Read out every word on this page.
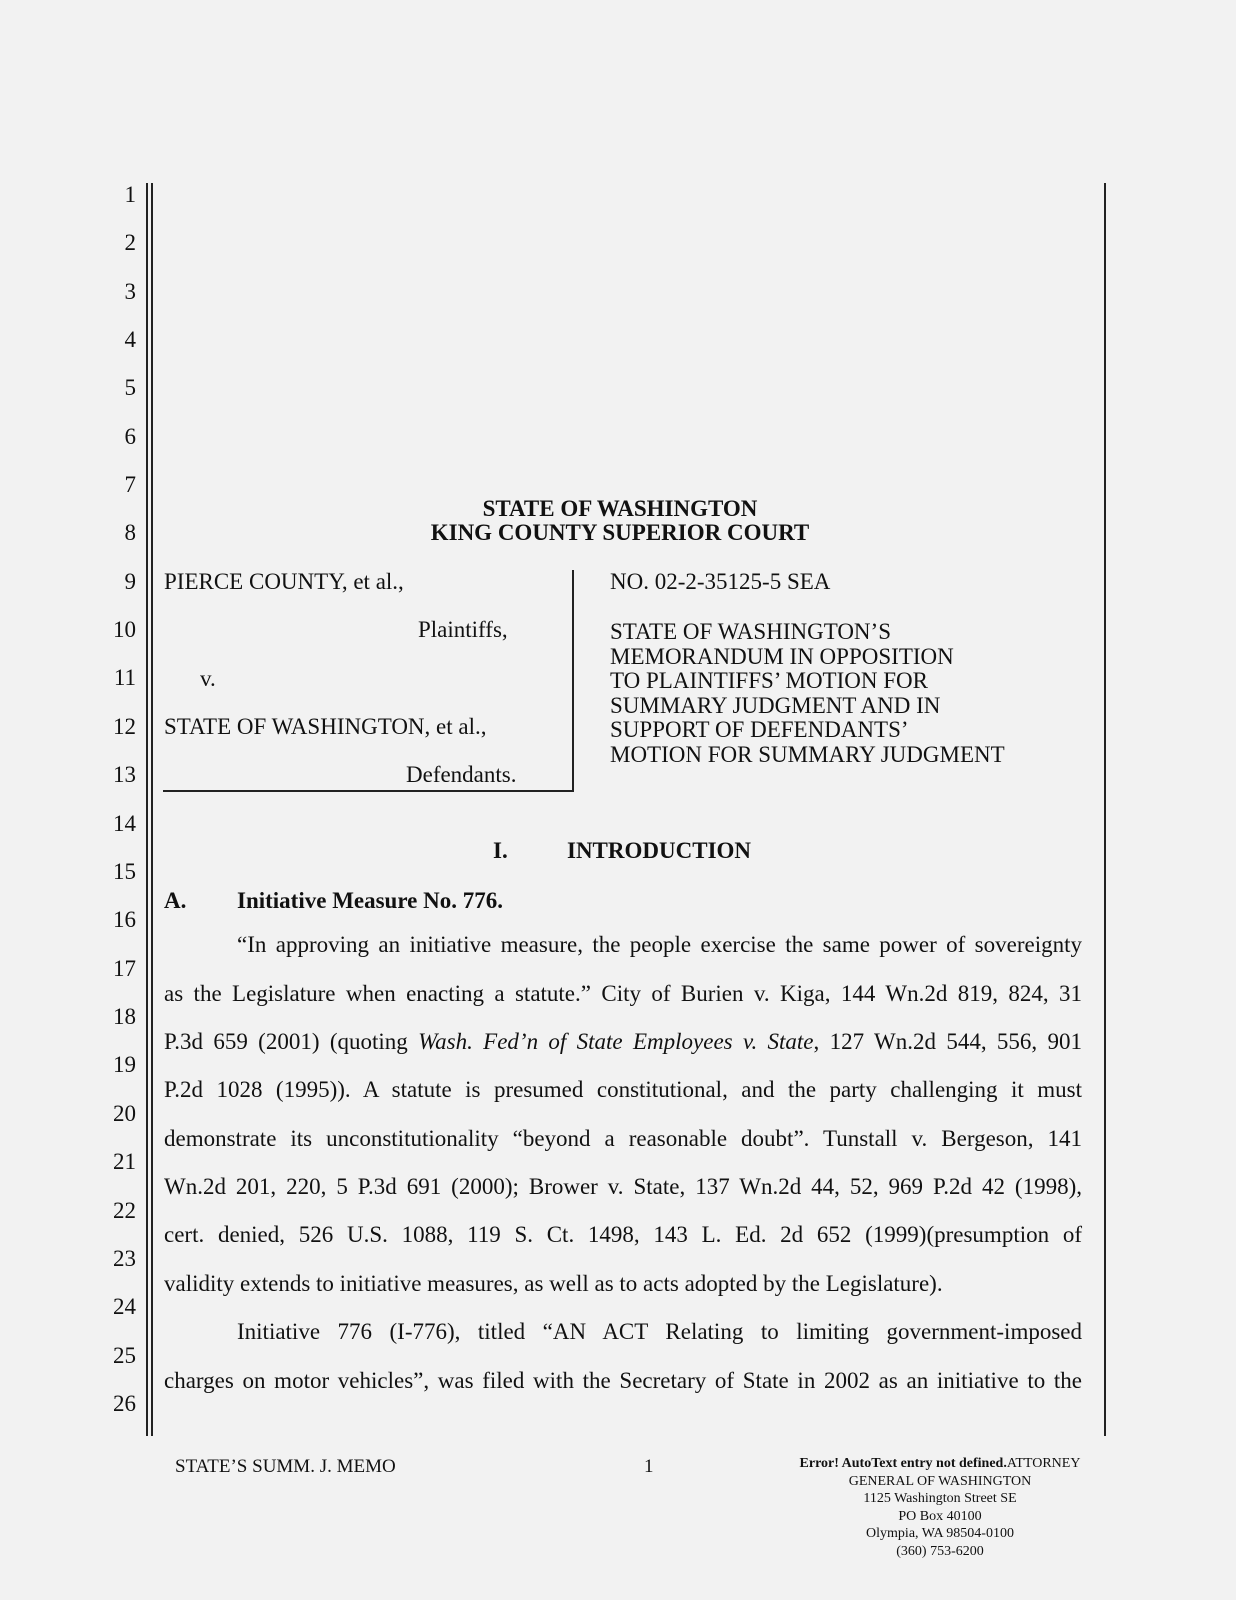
1
2
3
4
5
6
7
8
9
10
11
12
13
14
15
16
17
18
19
20
21
22
23
24
25
26
STATE OF WASHINGTON
KING COUNTY SUPERIOR COURT
PIERCE COUNTY, et al.,
Plaintiffs,
v.
STATE OF WASHINGTON, et al.,
Defendants.
NO. 02-2-35125-5 SEA
STATE OF WASHINGTON’S
MEMORANDUM IN OPPOSITION
TO PLAINTIFFS’ MOTION FOR
SUMMARY JUDGMENT AND IN
SUPPORT OF DEFENDANTS’
MOTION FOR SUMMARY JUDGMENT
I.	INTRODUCTION
A. Initiative Measure No. 776.
“In approving an initiative measure, the people exercise the same power of sovereignty
as the Legislature when enacting a statute.” City of Burien v. Kiga, 144 Wn.2d 819, 824, 31
P.3d 659 (2001) (quoting Wash. Fed’n of State Employees v. State, 127 Wn.2d 544, 556, 901
P.2d 1028 (1995)). A statute is presumed constitutional, and the party challenging it must
demonstrate its unconstitutionality “beyond a reasonable doubt”. Tunstall v. Bergeson, 141
Wn.2d 201, 220, 5 P.3d 691 (2000); Brower v. State, 137 Wn.2d 44, 52, 969 P.2d 42 (1998),
cert. denied, 526 U.S. 1088, 119 S. Ct. 1498, 143 L. Ed. 2d 652 (1999)(presumption of
validity extends to initiative measures, as well as to acts adopted by the Legislature).
Initiative 776 (I-776), titled “AN ACT Relating to limiting government-imposed
charges on motor vehicles”, was filed with the Secretary of State in 2002 as an initiative to the
STATE’S SUMM. J. MEMO	1	Error! AutoText entry not defined.ATTORNEY
GENERAL OF WASHINGTON
1125 Washington Street SE
PO Box 40100
Olympia, WA 98504-0100
(360) 753-6200
